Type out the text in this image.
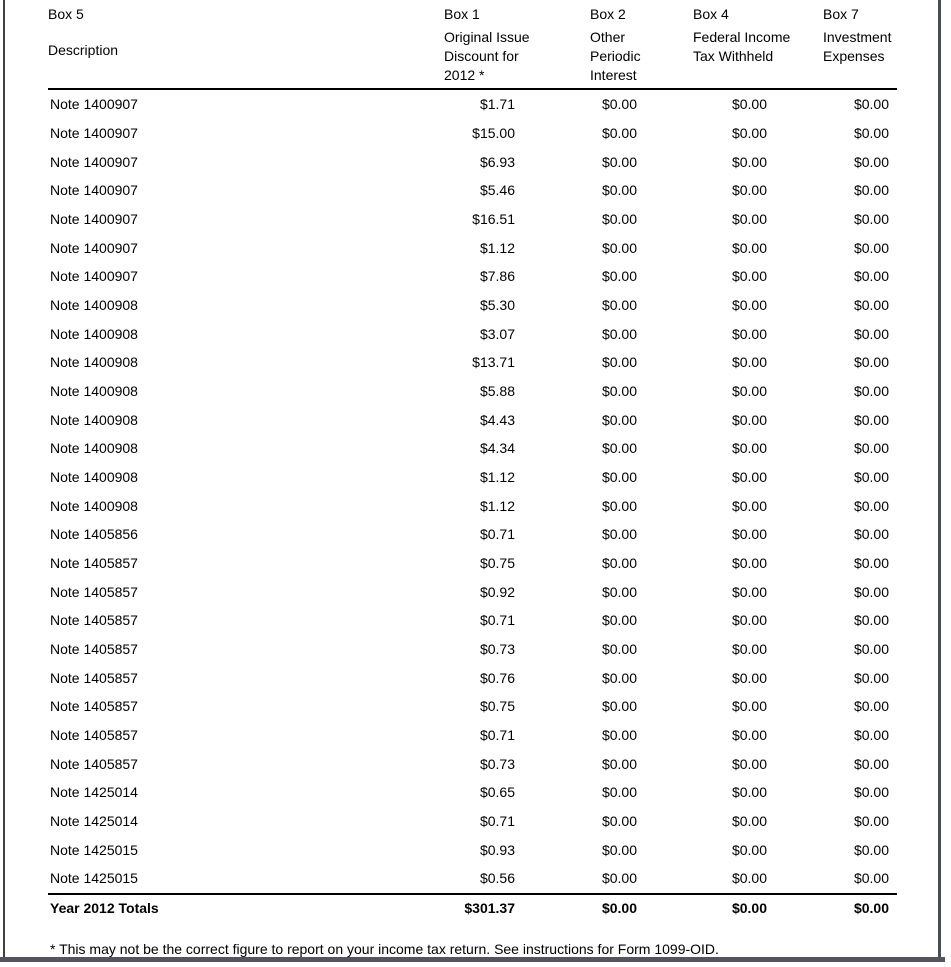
Box 5
Description
Box 1
Original Issue
Discount for
2012 *
Box 2
Other
Periodic
Interest
Box 4
Federal Income
Tax Withheld
Box 7
Investment
Expenses
Note 1400907	$1.71	$0.00	$0.00	$0.00
Note 1400907	$15.00	$0.00	$0.00	$0.00
Note 1400907	$6.93	$0.00	$0.00	$0.00
Note 1400907	$5.46	$0.00	$0.00	$0.00
Note 1400907	$16.51	$0.00	$0.00	$0.00
Note 1400907	$1.12	$0.00	$0.00	$0.00
Note 1400907	$7.86	$0.00	$0.00	$0.00
Note 1400908	$5.30	$0.00	$0.00	$0.00
Note 1400908	$3.07	$0.00	$0.00	$0.00
Note 1400908	$13.71	$0.00	$0.00	$0.00
Note 1400908	$5.88	$0.00	$0.00	$0.00
Note 1400908	$4.43	$0.00	$0.00	$0.00
Note 1400908	$4.34	$0.00	$0.00	$0.00
Note 1400908	$1.12	$0.00	$0.00	$0.00
Note 1400908	$1.12	$0.00	$0.00	$0.00
Note 1405856	$0.71	$0.00	$0.00	$0.00
Note 1405857	$0.75	$0.00	$0.00	$0.00
Note 1405857	$0.92	$0.00	$0.00	$0.00
Note 1405857	$0.71	$0.00	$0.00	$0.00
Note 1405857	$0.73	$0.00	$0.00	$0.00
Note 1405857	$0.76	$0.00	$0.00	$0.00
Note 1405857	$0.75	$0.00	$0.00	$0.00
Note 1405857	$0.71	$0.00	$0.00	$0.00
Note 1405857	$0.73	$0.00	$0.00	$0.00
Note 1425014	$0.65	$0.00	$0.00	$0.00
Note 1425014	$0.71	$0.00	$0.00	$0.00
Note 1425015	$0.93	$0.00	$0.00	$0.00
Note 1425015	$0.56	$0.00	$0.00	$0.00
Year 2012 Totals	$301.37	$0.00	$0.00	$0.00
* This may not be the correct figure to report on your income tax return. See instructions for Form 1099-OID.
